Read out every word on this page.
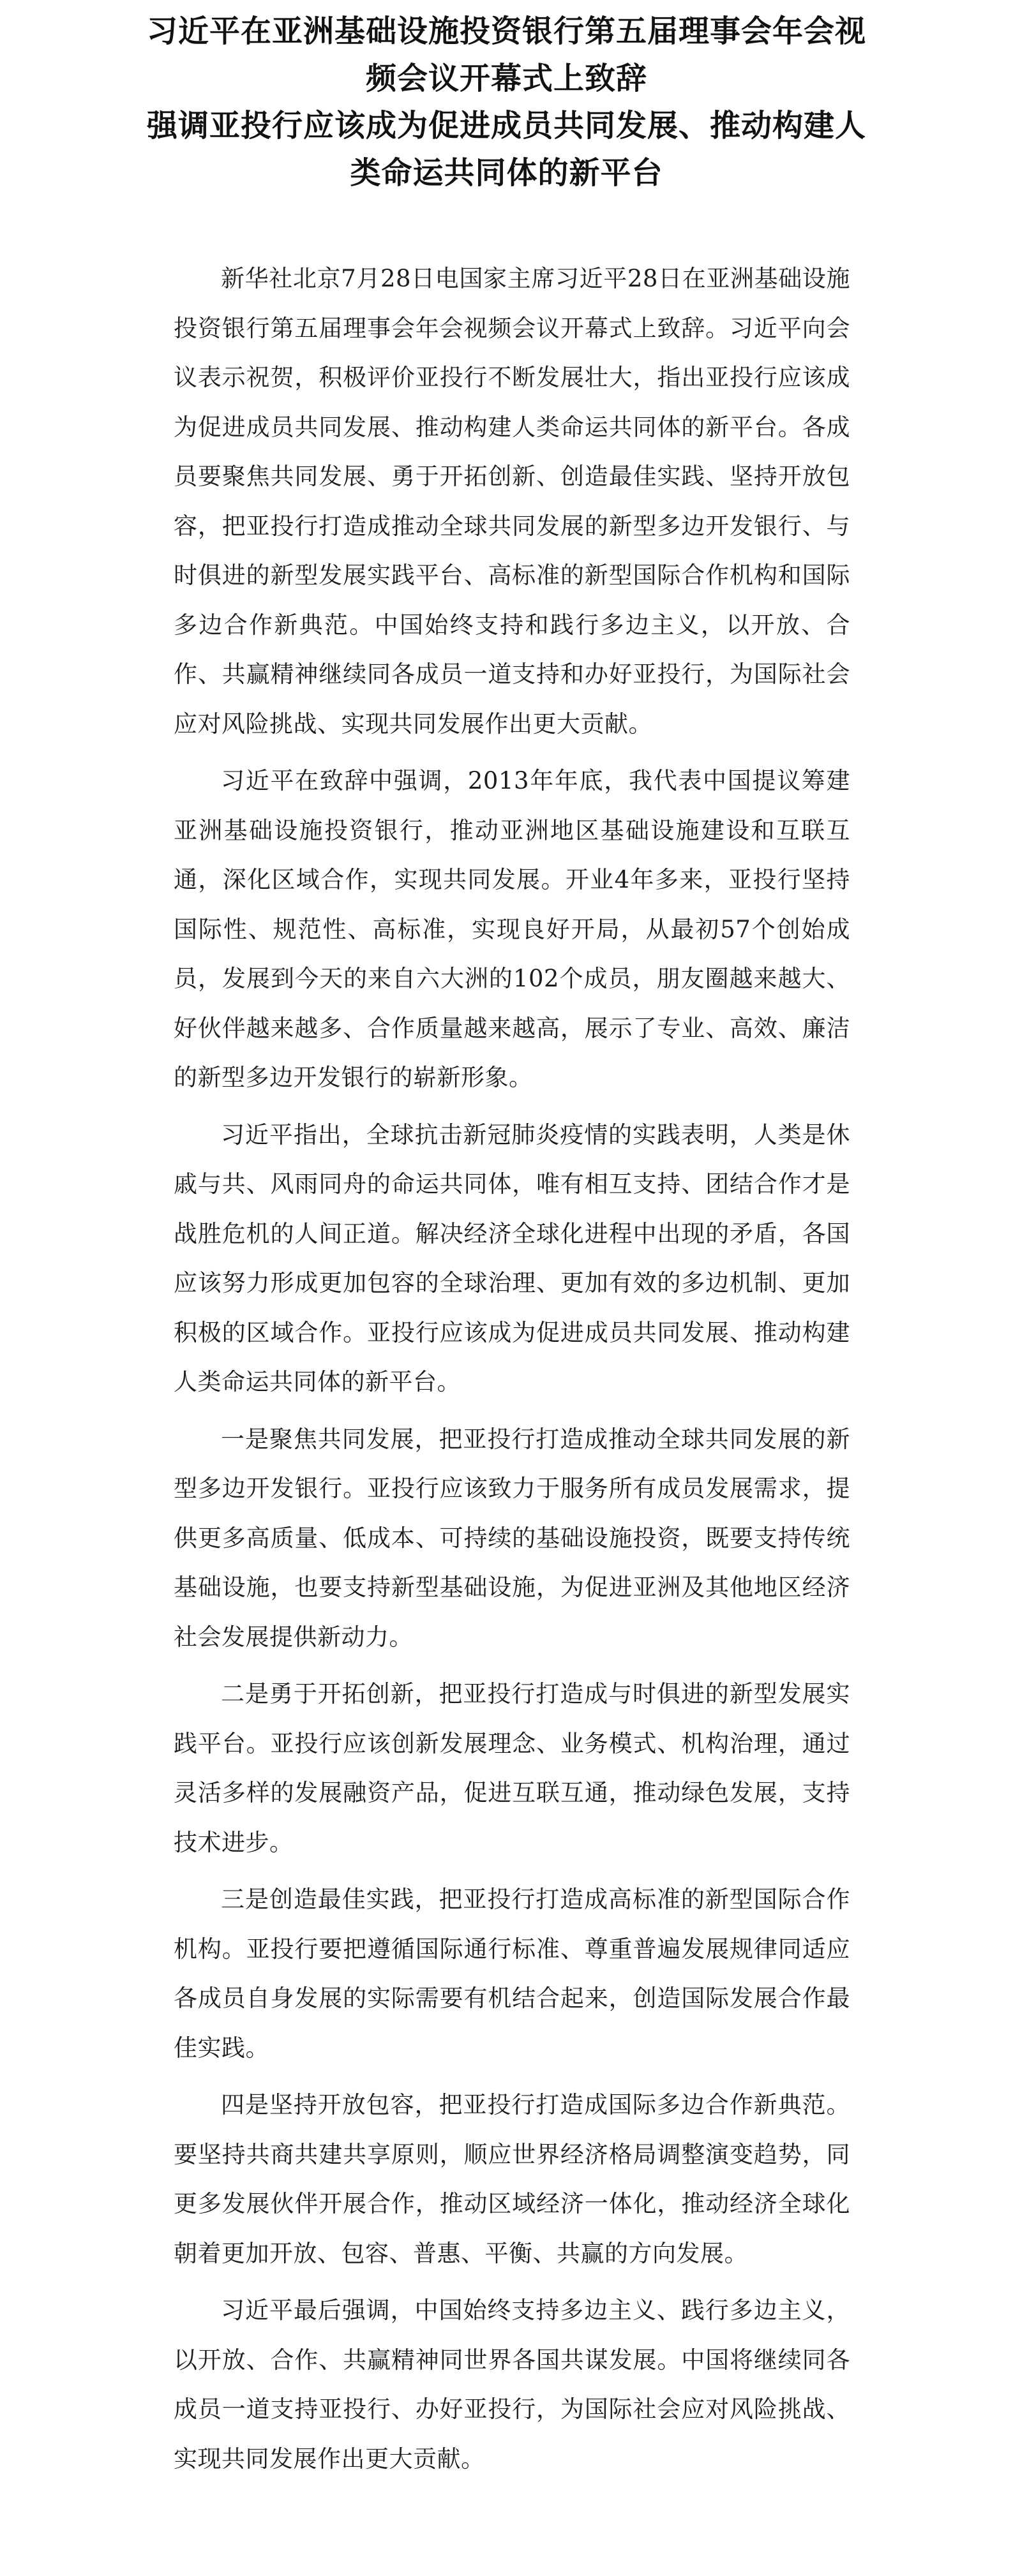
习近平在亚洲基础设施投资银行第五届理事会年会视
频会议开幕式上致辞
强调亚投行应该成为促进成员共同发展、推动构建人
类命运共同体的新平台

新华社北京7月28日电国家主席习近平28日在亚洲基础设施投资银行第五届理事会年会视频会议开幕式上致辞。习近平向会议表示祝贺，积极评价亚投行不断发展壮大，指出亚投行应该成为促进成员共同发展、推动构建人类命运共同体的新平台。各成员要聚焦共同发展、勇于开拓创新、创造最佳实践、坚持开放包容，把亚投行打造成推动全球共同发展的新型多边开发银行、与时俱进的新型发展实践平台、高标准的新型国际合作机构和国际多边合作新典范。中国始终支持和践行多边主义，以开放、合作、共赢精神继续同各成员一道支持和办好亚投行，为国际社会应对风险挑战、实现共同发展作出更大贡献。

习近平在致辞中强调，2013年年底，我代表中国提议筹建亚洲基础设施投资银行，推动亚洲地区基础设施建设和互联互通，深化区域合作，实现共同发展。开业4年多来，亚投行坚持国际性、规范性、高标准，实现良好开局，从最初57个创始成员，发展到今天的来自六大洲的102个成员，朋友圈越来越大、好伙伴越来越多、合作质量越来越高，展示了专业、高效、廉洁的新型多边开发银行的崭新形象。

习近平指出，全球抗击新冠肺炎疫情的实践表明，人类是休戚与共、风雨同舟的命运共同体，唯有相互支持、团结合作才是战胜危机的人间正道。解决经济全球化进程中出现的矛盾，各国应该努力形成更加包容的全球治理、更加有效的多边机制、更加积极的区域合作。亚投行应该成为促进成员共同发展、推动构建人类命运共同体的新平台。

一是聚焦共同发展，把亚投行打造成推动全球共同发展的新型多边开发银行。亚投行应该致力于服务所有成员发展需求，提供更多高质量、低成本、可持续的基础设施投资，既要支持传统基础设施，也要支持新型基础设施，为促进亚洲及其他地区经济社会发展提供新动力。

二是勇于开拓创新，把亚投行打造成与时俱进的新型发展实践平台。亚投行应该创新发展理念、业务模式、机构治理，通过灵活多样的发展融资产品，促进互联互通，推动绿色发展，支持技术进步。

三是创造最佳实践，把亚投行打造成高标准的新型国际合作机构。亚投行要把遵循国际通行标准、尊重普遍发展规律同适应各成员自身发展的实际需要有机结合起来，创造国际发展合作最佳实践。

四是坚持开放包容，把亚投行打造成国际多边合作新典范。要坚持共商共建共享原则，顺应世界经济格局调整演变趋势，同更多发展伙伴开展合作，推动区域经济一体化，推动经济全球化朝着更加开放、包容、普惠、平衡、共赢的方向发展。

习近平最后强调，中国始终支持多边主义、践行多边主义，以开放、合作、共赢精神同世界各国共谋发展。中国将继续同各成员一道支持亚投行、办好亚投行，为国际社会应对风险挑战、实现共同发展作出更大贡献。
